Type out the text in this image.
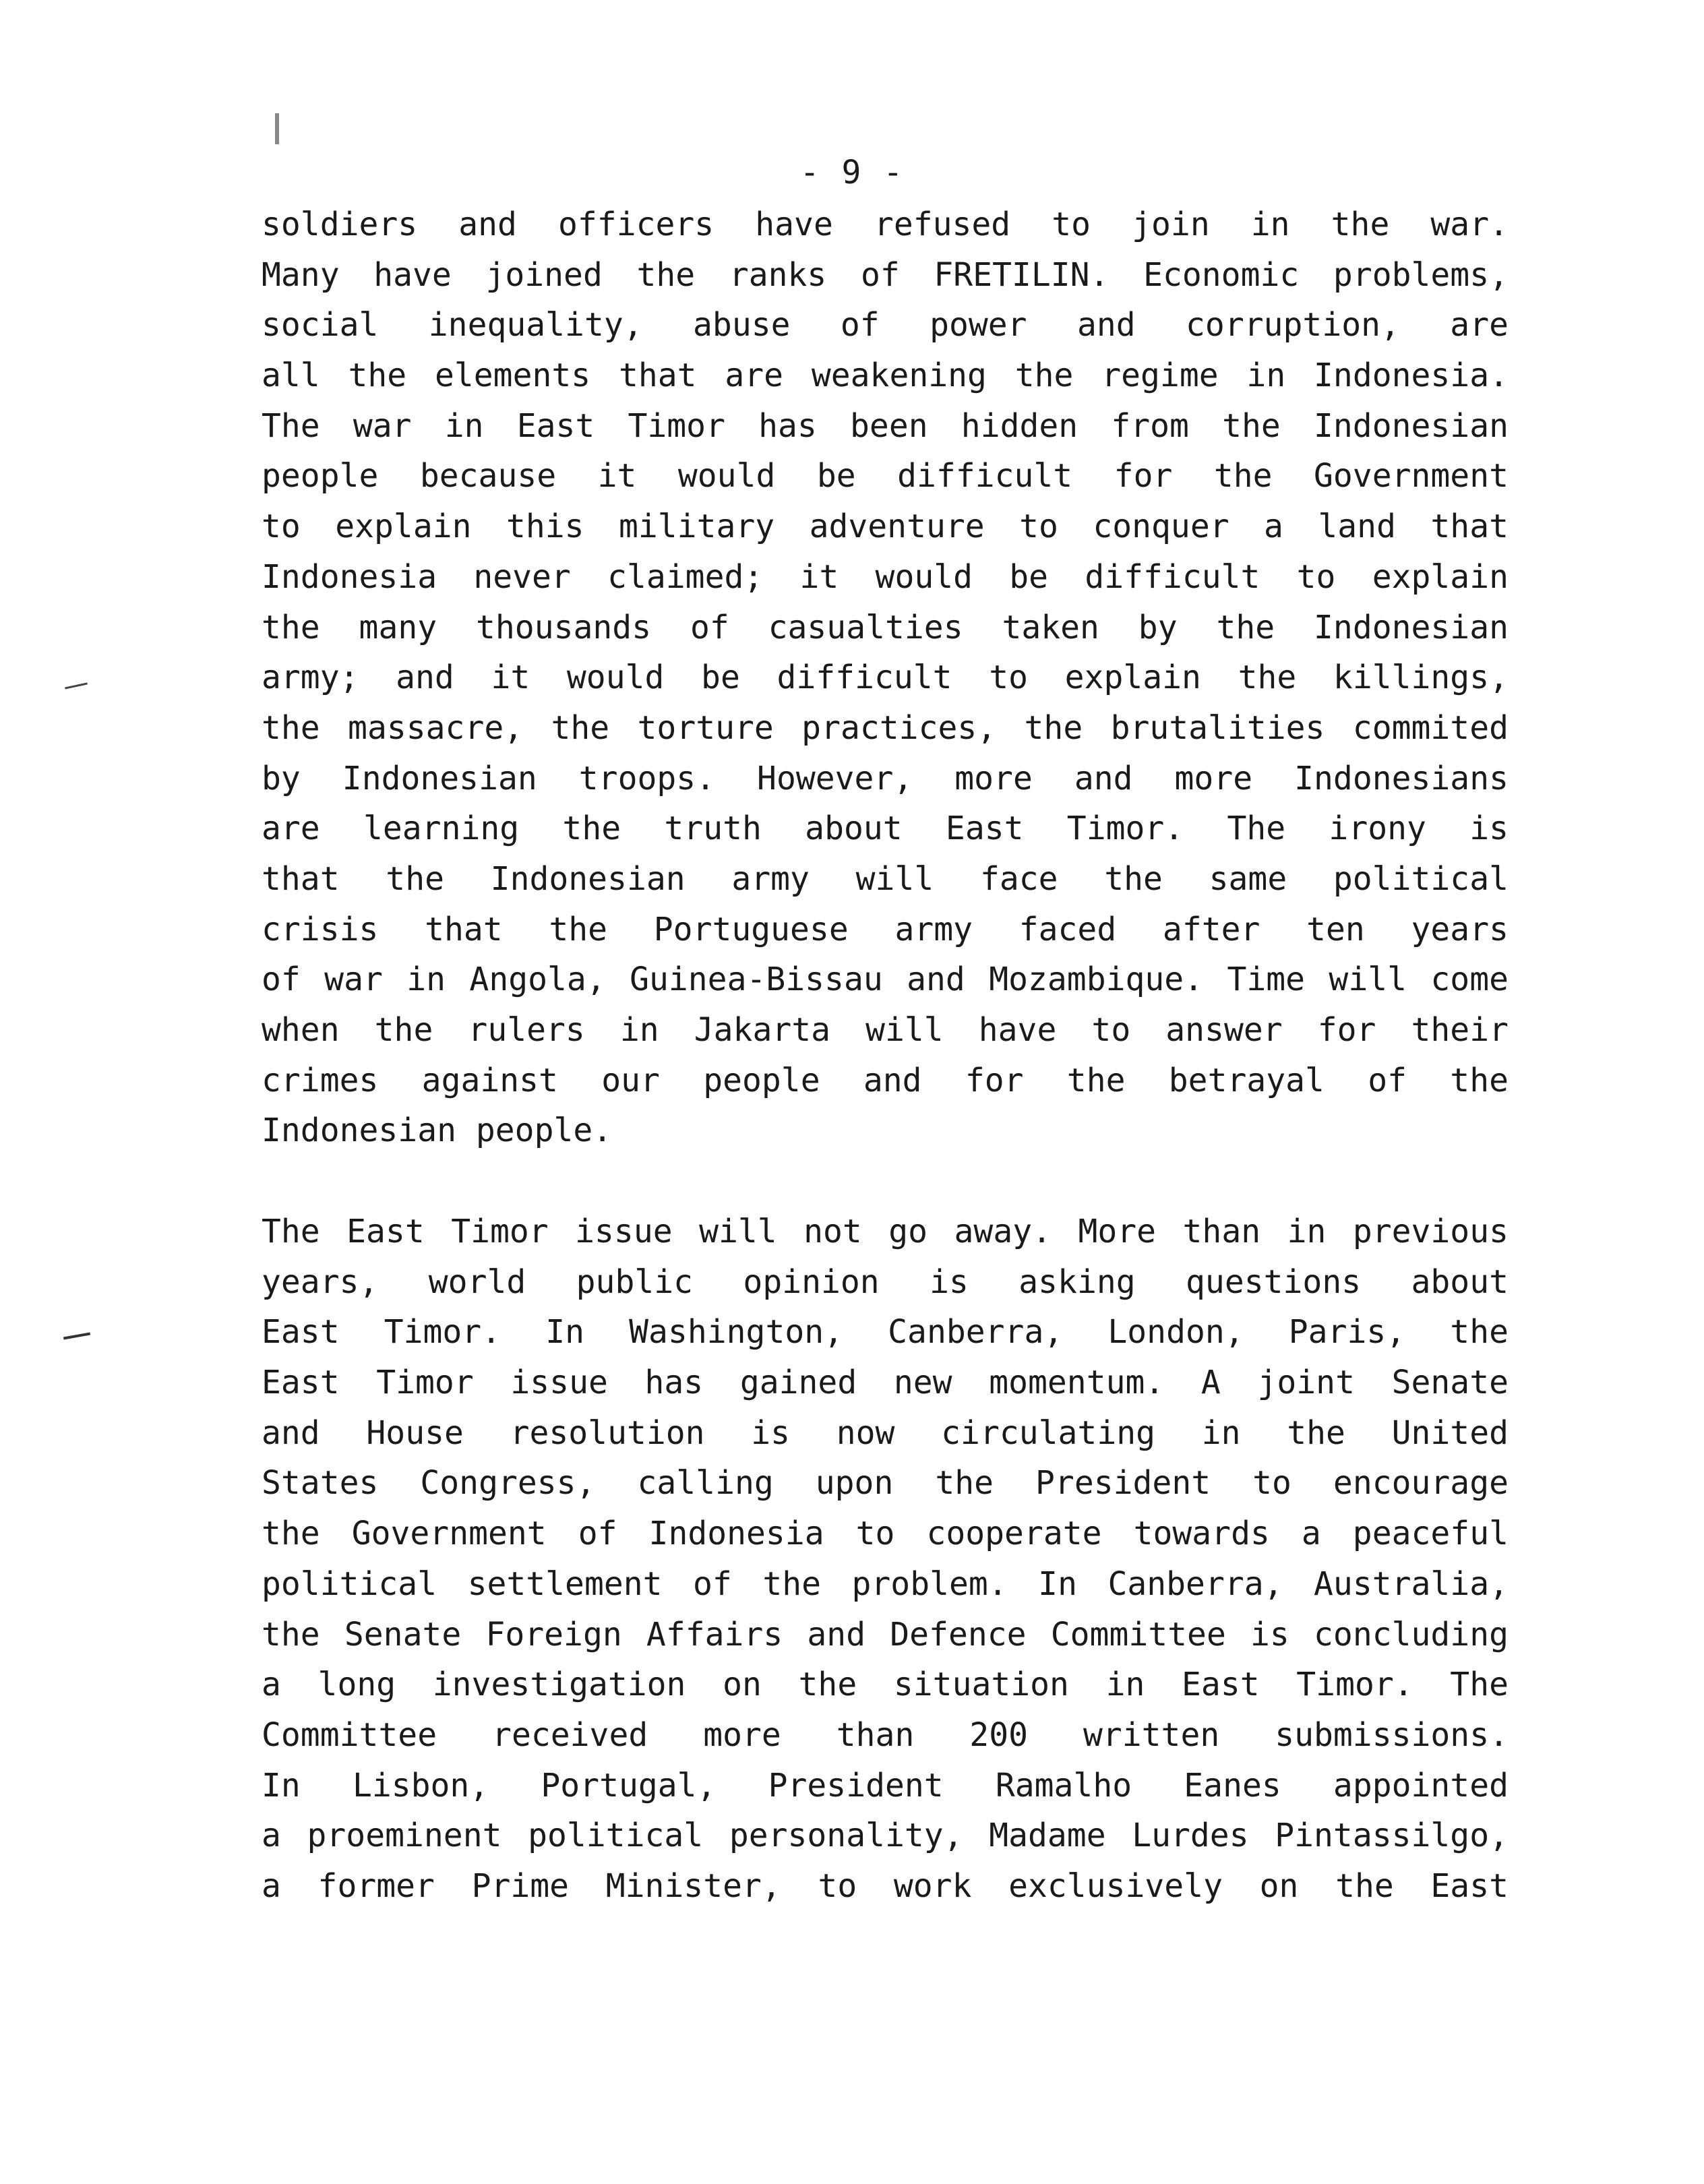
- 9 -
soldiers and officers have refused to join in the war.
Many have joined the ranks of FRETILIN. Economic problems,
social inequality, abuse of power and corruption, are
all the elements that are weakening the regime in Indonesia.
The war in East Timor has been hidden from the Indonesian
people because it would be difficult for the Government
to explain this military adventure to conquer a land that
Indonesia never claimed; it would be difficult to explain
the many thousands of casualties taken by the Indonesian
army; and it would be difficult to explain the killings,
the massacre, the torture practices, the brutalities commited
by Indonesian troops. However, more and more Indonesians
are learning the truth about East Timor. The irony is
that the Indonesian army will face the same political
crisis that the Portuguese army faced after ten years
of war in Angola, Guinea-Bissau and Mozambique. Time will come
when the rulers in Jakarta will have to answer for their
crimes against our people and for the betrayal of the
Indonesian people.
The East Timor issue will not go away. More than in previous
years, world public opinion is asking questions about
East Timor. In Washington, Canberra, London, Paris, the
East Timor issue has gained new momentum. A joint Senate
and House resolution is now circulating in the United
States Congress, calling upon the President to encourage
the Government of Indonesia to cooperate towards a peaceful
political settlement of the problem. In Canberra, Australia,
the Senate Foreign Affairs and Defence Committee is concluding
a long investigation on the situation in East Timor. The
Committee received more than 200 written submissions.
In Lisbon, Portugal, President Ramalho Eanes appointed
a proeminent political personality, Madame Lurdes Pintassilgo,
a former Prime Minister, to work exclusively on the East
